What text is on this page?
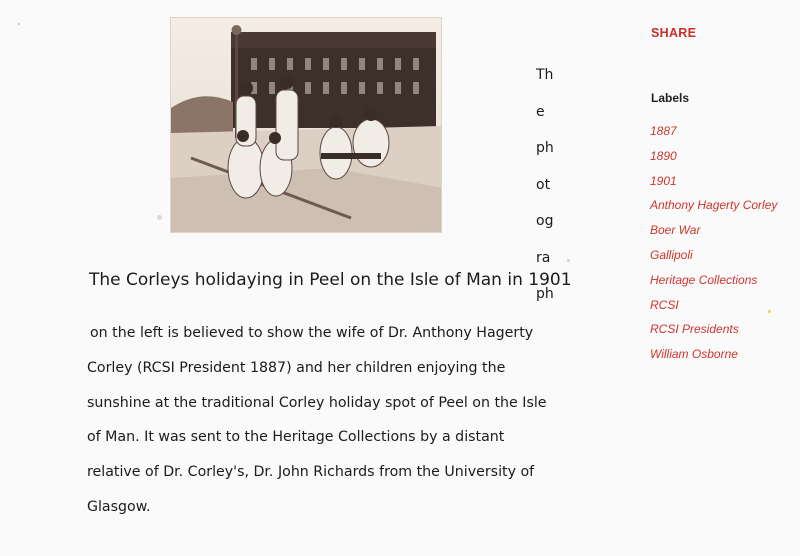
Th
e
ph
ot
og
ra
ph
The Corleys holidaying in Peel on the Isle of Man in 1901

on the left is believed to show the wife of Dr. Anthony Hagerty

Corley (RCSI President 1887) and her children enjoying the

sunshine at the traditional Corley holiday spot of Peel on the Isle

of Man. It was sent to the Heritage Collections by a distant

relative of Dr. Corley's, Dr. John Richards from the University of

Glasgow.

SHARE
Labels
1887
1890
1901
Anthony Hagerty Corley
Boer War
Gallipoli
Heritage Collections
RCSI
RCSI Presidents
William Osborne
